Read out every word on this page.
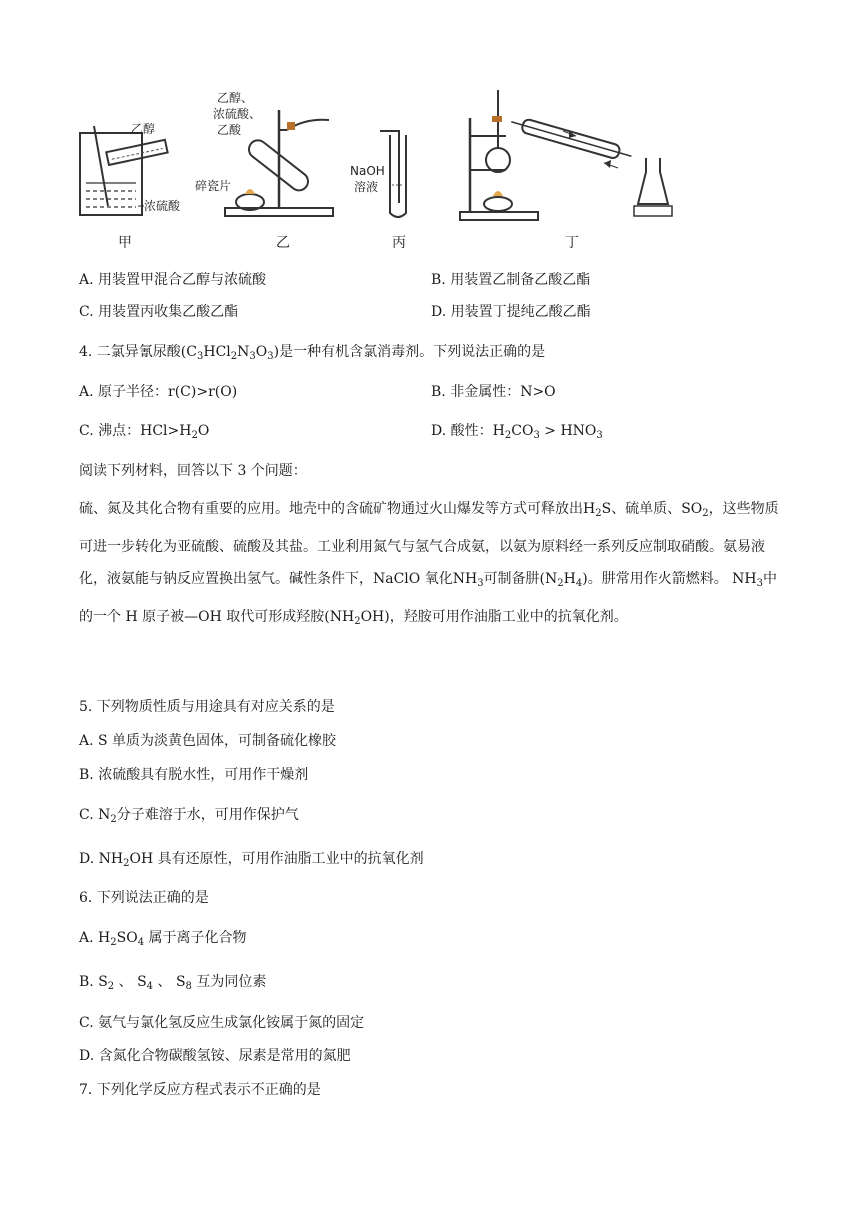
乙醇
浓硫酸
甲
乙醇、
浓硫酸、
乙酸
碎瓷片
乙
NaOH
溶液
丙	丁
A. 用装置甲混合乙醇与浓硫酸	B. 用装置乙制备乙酸乙酯
C. 用装置丙收集乙酸乙酯	D. 用装置丁提纯乙酸乙酯
4. 二氯异氰尿酸$(C_3HCl_2N_3O_3)$是一种有机含氯消毒剂。下列说法正确的是
A. 原子半径：r(C)>r(O)	B. 非金属性：N>O
C. 沸点：$HCl>H_2O$	D. 酸性：$H_2CO_3 > HNO_3$
阅读下列材料，回答以下 3 个问题：
硫、氮及其化合物有重要的应用。地壳中的含硫矿物通过火山爆发等方式可释放出$H_2S$、硫单质、$SO_2$，这些物质可进一步转化为亚硫酸、硫酸及其盐。工业利用氮气与氢气合成氨，以氨为原料经一系列反应制取硝酸。氨易液化，液氨能与钠反应置换出氢气。碱性条件下，NaClO 氧化$NH_3$可制备肼$(N_2H_4)$。肼常用作火箭燃料。 $NH_3$中的一个 H 原子被—OH 取代可形成羟胺$(NH_2OH)$，羟胺可用作油脂工业中的抗氧化剂。
5. 下列物质性质与用途具有对应关系的是
A. S 单质为淡黄色固体，可制备硫化橡胶
B. 浓硫酸具有脱水性，可用作干燥剂
C. $N_2$分子难溶于水，可用作保护气
D. $NH_2OH$ 具有还原性，可用作油脂工业中的抗氧化剂
6. 下列说法正确的是
A. $H_2SO_4$ 属于离子化合物
B. $S_2$ 、 $S_4$ 、 $S_8$ 互为同位素
C. 氨气与氯化氢反应生成氯化铵属于氮的固定
D. 含氮化合物碳酸氢铵、尿素是常用的氮肥
7. 下列化学反应方程式表示不正确的是
